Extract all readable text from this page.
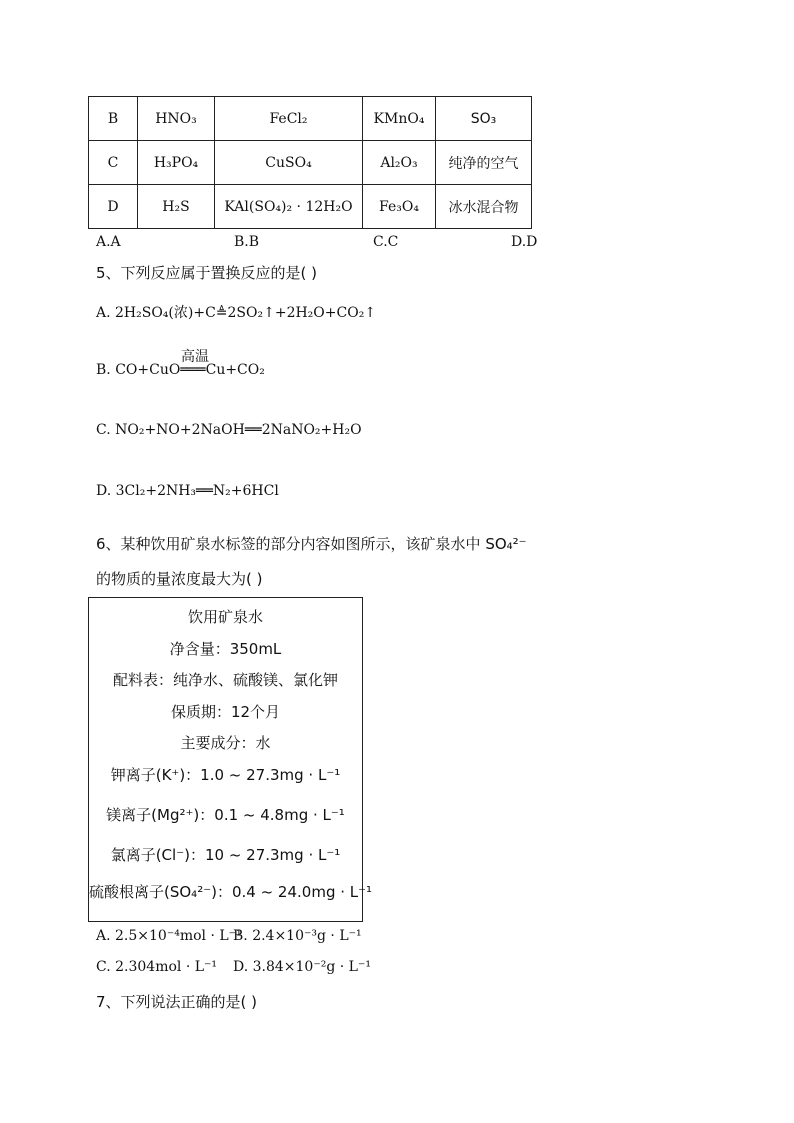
B	HNO₃	FeCl₂	KMnO₄	SO₃
C	H₃PO₄	CuSO₄	Al₂O₃	纯净的空气
D	H₂S	KAl(SO₄)₂ · 12H₂O	Fe₃O₄	冰水混合物
A.A	B.B	C.C	D.D
5、下列反应属于置换反应的是( )
A. 2H₂SO₄(浓)+C≜2SO₂↑+2H₂O+CO₂↑
高温
B. CO+CuO═══Cu+CO₂
C. NO₂+NO+2NaOH══2NaNO₂+H₂O
D. 3Cl₂+2NH₃══N₂+6HCl
6、某种饮用矿泉水标签的部分内容如图所示，该矿泉水中 SO₄²⁻
的物质的量浓度最大为( )
饮用矿泉水
净含量：350mL
配料表：纯净水、硫酸镁、氯化钾
保质期：12个月
主要成分：水
钾离子(K⁺)：1.0 ~ 27.3mg · L⁻¹
镁离子(Mg²⁺)：0.1 ~ 4.8mg · L⁻¹
氯离子(Cl⁻)：10 ~ 27.3mg · L⁻¹
硫酸根离子(SO₄²⁻)：0.4 ~ 24.0mg · L⁻¹
A. 2.5×10⁻⁴mol · L⁻¹
B. 2.4×10⁻³g · L⁻¹
C. 2.304mol · L⁻¹ D. 3.84×10⁻²g · L⁻¹
7、下列说法正确的是( )
